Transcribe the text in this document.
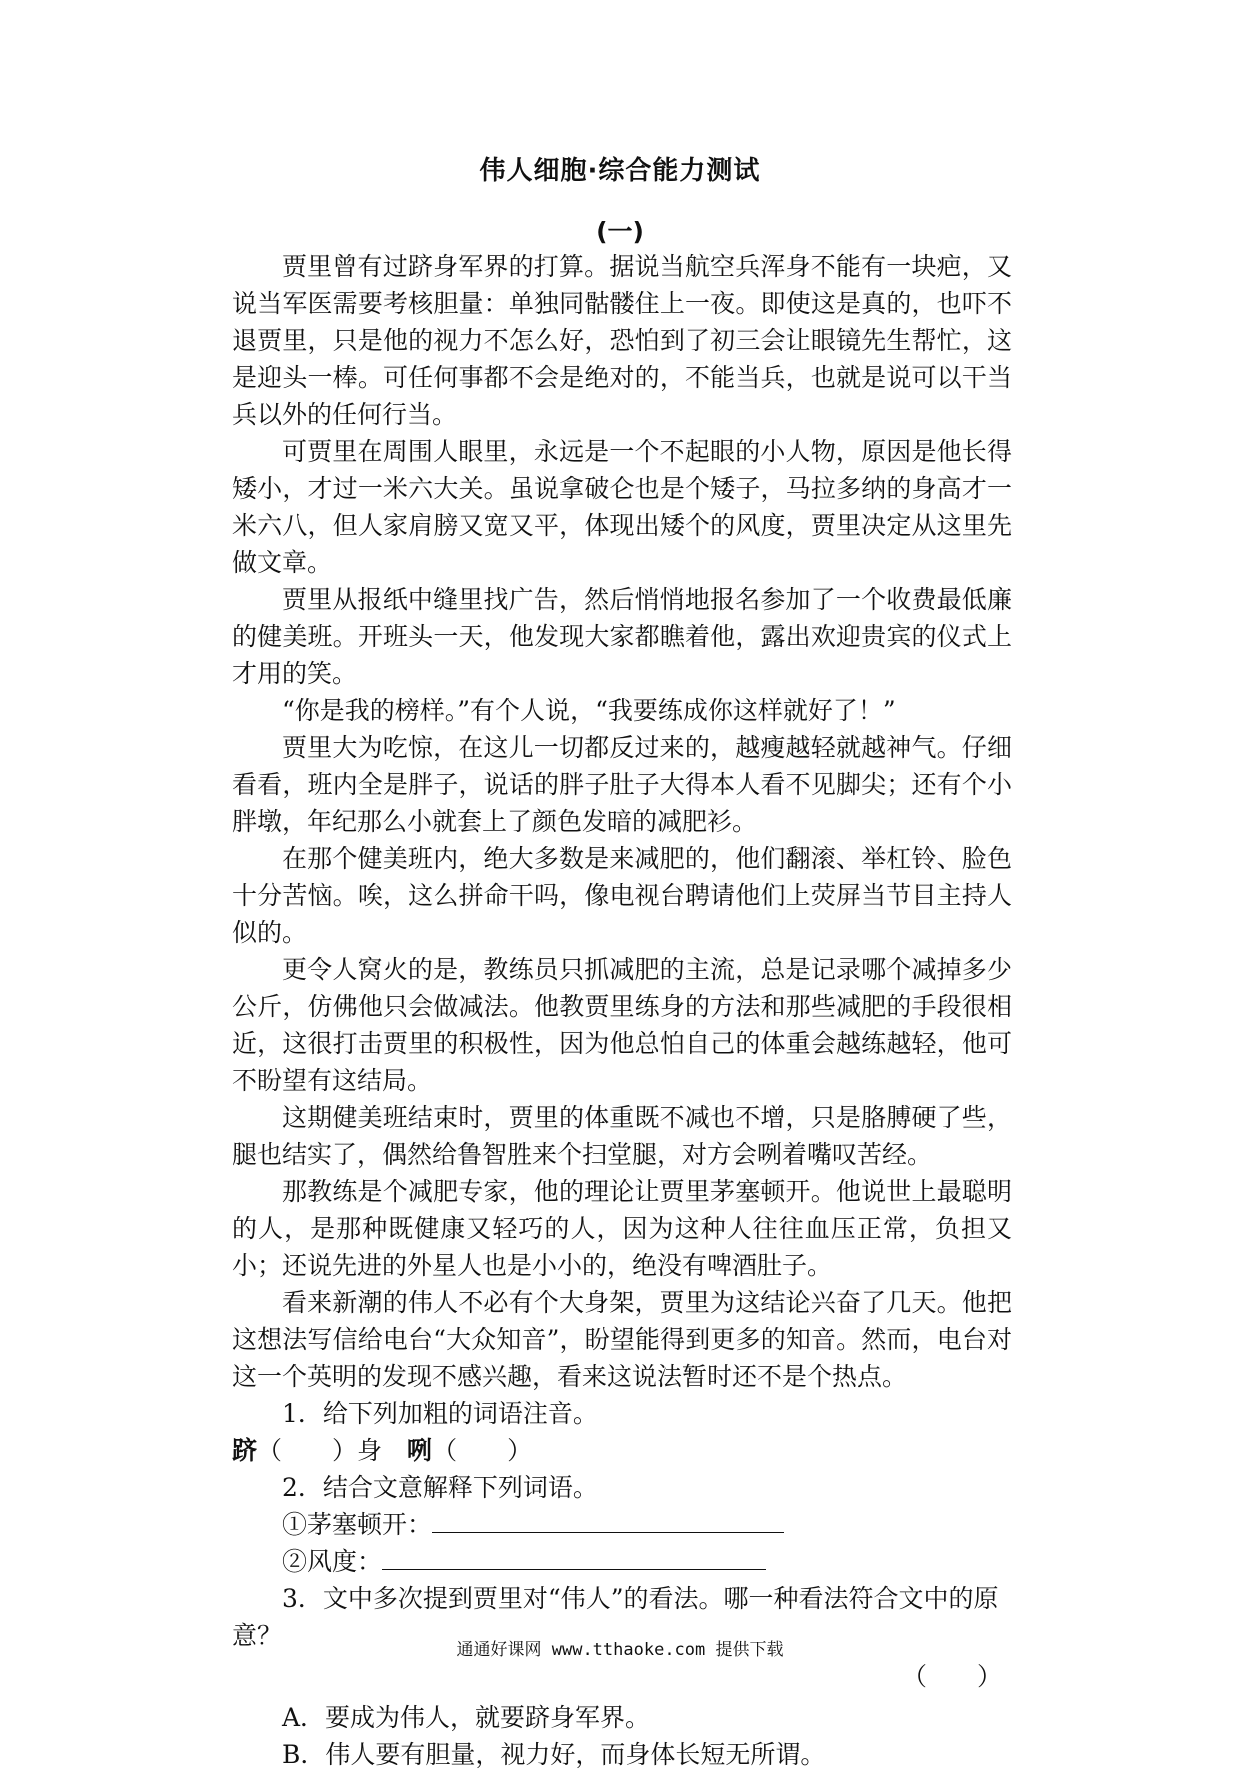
伟人细胞·综合能力测试
(一)

贾里曾有过跻身军界的打算。据说当航空兵浑身不能有一块疤，又说当军医需要考核胆量：单独同骷髅住上一夜。即使这是真的，也吓不退贾里，只是他的视力不怎么好，恐怕到了初三会让眼镜先生帮忙，这是迎头一棒。可任何事都不会是绝对的，不能当兵，也就是说可以干当兵以外的任何行当。

可贾里在周围人眼里，永远是一个不起眼的小人物，原因是他长得矮小，才过一米六大关。虽说拿破仑也是个矮子，马拉多纳的身高才一米六八，但人家肩膀又宽又平，体现出矮个的风度，贾里决定从这里先做文章。

贾里从报纸中缝里找广告，然后悄悄地报名参加了一个收费最低廉的健美班。开班头一天，他发现大家都瞧着他，露出欢迎贵宾的仪式上才用的笑。

“你是我的榜样。”有个人说，“我要练成你这样就好了！”

贾里大为吃惊，在这儿一切都反过来的，越瘦越轻就越神气。仔细看看，班内全是胖子，说话的胖子肚子大得本人看不见脚尖；还有个小胖墩，年纪那么小就套上了颜色发暗的减肥衫。

在那个健美班内，绝大多数是来减肥的，他们翻滚、举杠铃、脸色十分苦恼。唉，这么拼命干吗，像电视台聘请他们上荧屏当节目主持人似的。

更令人窝火的是，教练员只抓减肥的主流，总是记录哪个减掉多少公斤，仿佛他只会做减法。他教贾里练身的方法和那些减肥的手段很相近，这很打击贾里的积极性，因为他总怕自己的体重会越练越轻，他可不盼望有这结局。

这期健美班结束时，贾里的体重既不减也不增，只是胳膊硬了些，腿也结实了，偶然给鲁智胜来个扫堂腿，对方会咧着嘴叹苦经。

那教练是个减肥专家，他的理论让贾里茅塞顿开。他说世上最聪明的人，是那种既健康又轻巧的人，因为这种人往往血压正常，负担又小；还说先进的外星人也是小小的，绝没有啤酒肚子。

看来新潮的伟人不必有个大身架，贾里为这结论兴奋了几天。他把这想法写信给电台“大众知音”，盼望能得到更多的知音。然而，电台对这一个英明的发现不感兴趣，看来这说法暂时还不是个热点。

1．给下列加粗的词语注音。
跻（　　）身  咧（　　）
2．结合文意解释下列词语。
①茅塞顿开：
②风度：
3．文中多次提到贾里对“伟人”的看法。哪一种看法符合文中的原
意？
（　　）
A．要成为伟人，就要跻身军界。
B．伟人要有胆量，视力好，而身体长短无所谓。
通通好课网 www.tthaoke.com 提供下载
